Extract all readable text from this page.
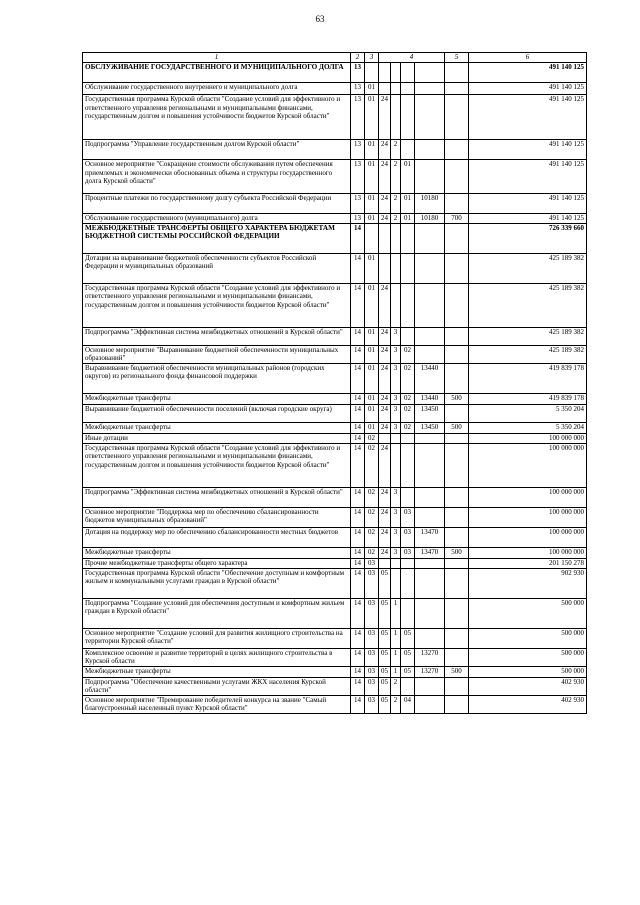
63
1	2	3	4				5	6
ОБСЛУЖИВАНИЕ ГОСУДАРСТВЕННОГО И МУНИЦИПАЛЬНОГО ДОЛГА	13							491 140 125
Обслуживание государственного внутреннего и муниципального долга	13	01						491 140 125
Государственная программа Курской области "Создание условий для эффективного и ответственного управления региональными и муниципальными финансами, государственным долгом и повышения устойчивости бюджетов Курской области"	13	01	24					491 140 125
Подпрограмма "Управление государственным долгом Курской области"	13	01	24	2				491 140 125
Основное мероприятие "Сокращение стоимости обслуживания путем обеспечения приемлемых и экономически обоснованных объема и структуры государственного долга Курской области"	13	01	24	2	01			491 140 125
Процентные платежи по государственному долгу субъекта Российской Федерации	13	01	24	2	01	10180		491 140 125
Обслуживание государственного (муниципального) долга	13	01	24	2	01	10180	700	491 140 125
МЕЖБЮДЖЕТНЫЕ ТРАНСФЕРТЫ ОБЩЕГО ХАРАКТЕРА БЮДЖЕТАМ БЮДЖЕТНОЙ СИСТЕМЫ РОССИЙСКОЙ ФЕДЕРАЦИИ	14							726 339 660
Дотации на выравнивание бюджетной обеспеченности субъектов Российской Федерации и муниципальных образований	14	01						425 189 382
Государственная программа Курской области "Создание условий для эффективного и ответственного управления региональными и муниципальными финансами, государственным долгом и повышения устойчивости бюджетов Курской области"	14	01	24					425 189 382
Подпрограмма "Эффективная система межбюджетных отношений в Курской области"	14	01	24	3				425 189 382
Основное мероприятие "Выравнивание бюджетной обеспеченности муниципальных образований"	14	01	24	3	02			425 189 382
Выравнивание бюджетной обеспеченности муниципальных районов (городских округов) из регионального фонда финансовой поддержки	14	01	24	3	02	13440		419 839 178
Межбюджетные трансферты	14	01	24	3	02	13440	500	419 839 178
Выравнивание бюджетной обеспеченности поселений (включая городские округа)	14	01	24	3	02	13450		5 350 204
Межбюджетные трансферты	14	01	24	3	02	13450	500	5 350 204
Иные дотации	14	02						100 000 000
Государственная программа Курской области "Создание условий для эффективного и ответственного управления региональными и муниципальными финансами, государственным долгом и повышения устойчивости бюджетов Курской области"	14	02	24					100 000 000
Подпрограмма "Эффективная система межбюджетных отношений в Курской области"	14	02	24	3				100 000 000
Основное мероприятие "Поддержка мер по обеспечению сбалансированности бюджетов муниципальных образований"	14	02	24	3	03			100 000 000
Дотация на поддержку мер по обеспечению сбалансированности местных бюджетов	14	02	24	3	03	13470		100 000 000
Межбюджетные трансферты	14	02	24	3	03	13470	500	100 000 000
Прочие межбюджетные трансферты общего характера	14	03						201 150 278
Государственная программа Курской области "Обеспечение доступным и комфортным жильем и коммунальными услугами граждан в Курской области"	14	03	05					902 930
Подпрограмма "Создание условий для обеспечения доступным и комфортным жильем граждан в Курской области"	14	03	05	1				500 000
Основное мероприятие "Создание условий для развития жилищного строительства на территории Курской области"	14	03	05	1	05			500 000
Комплексное освоение и развитие территорий в целях жилищного строительства в Курской области	14	03	05	1	05	13270		500 000
Межбюджетные трансферты	14	03	05	1	05	13270	500	500 000
Подпрограмма "Обеспечение качественными услугами ЖКХ населения Курской области"	14	03	05	2				402 930
Основное мероприятие "Премирование победителей конкурса на звание "Самый благоустроенный населенный пункт Курской области"	14	03	05	2	04			402 930
